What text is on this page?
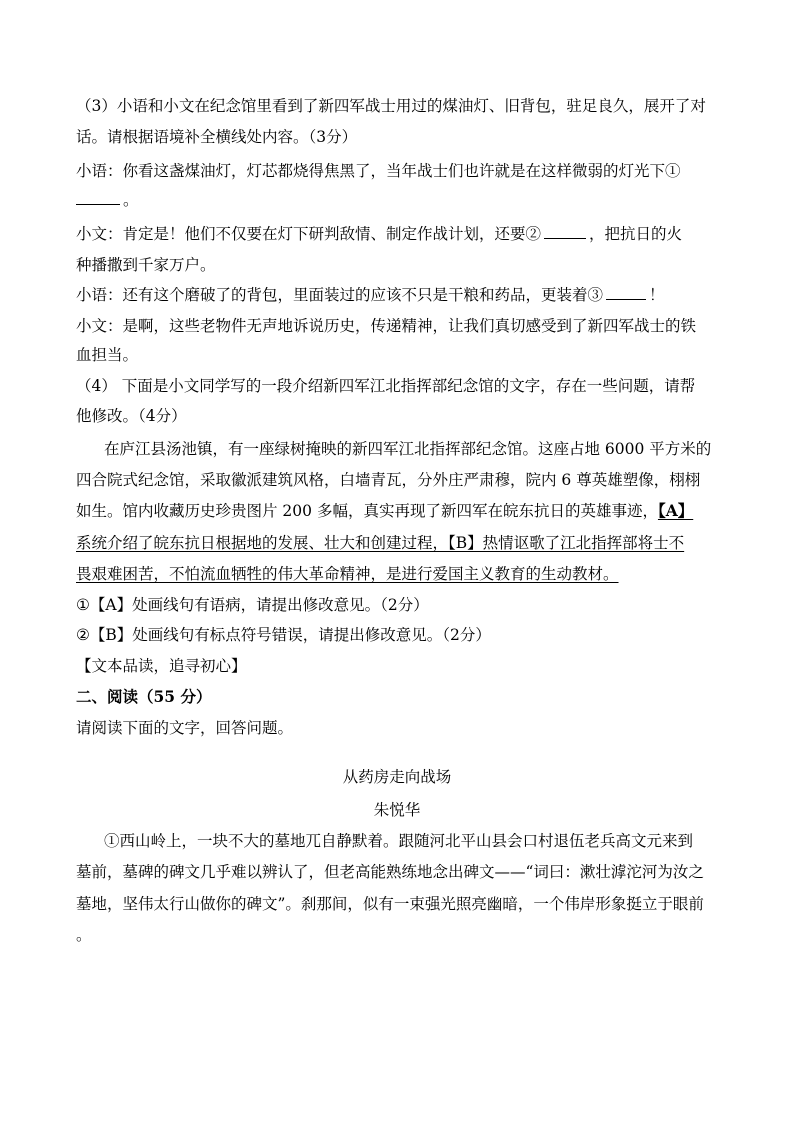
（3）小语和小文在纪念馆里看到了新四军战士用过的煤油灯、旧背包，驻足良久，展开了对
话。请根据语境补全横线处内容。（3分）
小语：你看这盏煤油灯，灯芯都烧得焦黑了，当年战士们也许就是在这样微弱的灯光下①
。
小文：肯定是！他们不仅要在灯下研判敌情、制定作战计划，还要②	，把抗日的火
种播撒到千家万户。
小语：还有这个磨破了的背包，里面装过的应该不只是干粮和药品，更装着③	！
小文：是啊，这些老物件无声地诉说历史，传递精神，让我们真切感受到了新四军战士的铁
血担当。
（4） 下面是小文同学写的一段介绍新四军江北指挥部纪念馆的文字，存在一些问题，请帮
他修改。（4分）
在庐江县汤池镇，有一座绿树掩映的新四军江北指挥部纪念馆。这座占地 6000 平方米的
四合院式纪念馆，采取徽派建筑风格，白墙青瓦，分外庄严肃穆，院内 6 尊英雄塑像，栩栩
如生。馆内收藏历史珍贵图片 200 多幅，真实再现了新四军在皖东抗日的英雄事迹，【A】
系统介绍了皖东抗日根据地的发展、壮大和创建过程，【B】热情讴歌了江北指挥部将士不
畏艰难困苦，不怕流血牺牲的伟大革命精神，是进行爱国主义教育的生动教材。
①【A】处画线句有语病，请提出修改意见。（2分）
②【B】处画线句有标点符号错误，请提出修改意见。（2分）
【文本品读，追寻初心】
二、阅读（55 分）
请阅读下面的文字，回答问题。
从药房走向战场
朱悦华
①西山岭上，一块不大的墓地兀自静默着。跟随河北平山县会口村退伍老兵高文元来到
墓前，墓碑的碑文几乎难以辨认了，但老高能熟练地念出碑文——“词曰：漱壮滹沱河为汝之
墓地，坚伟太行山做你的碑文”。刹那间，似有一束强光照亮幽暗，一个伟岸形象挺立于眼前
。
